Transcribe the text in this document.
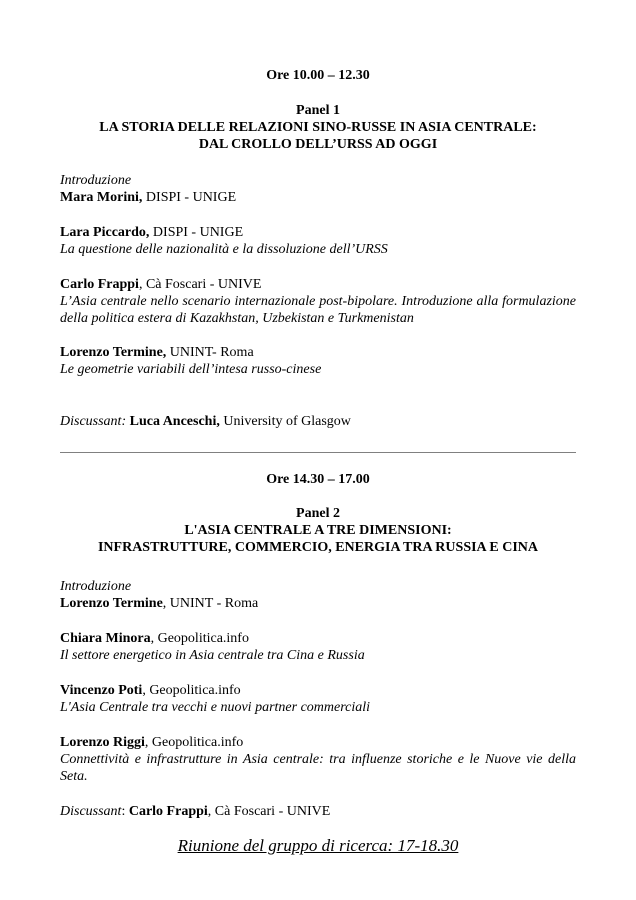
Ore 10.00 – 12.30
Panel 1
LA STORIA DELLE RELAZIONI SINO-RUSSE IN ASIA CENTRALE:
DAL CROLLO DELL’URSS AD OGGI
Introduzione
Mara Morini, DISPI - UNIGE
Lara Piccardo, DISPI - UNIGE
La questione delle nazionalità e la dissoluzione dell’URSS
Carlo Frappi, Cà Foscari - UNIVE
L’Asia centrale nello scenario internazionale post-bipolare. Introduzione alla formulazione della politica estera di Kazakhstan, Uzbekistan e Turkmenistan
Lorenzo Termine, UNINT- Roma
Le geometrie variabili dell’intesa russo-cinese
Discussant: Luca Anceschi, University of Glasgow
Ore 14.30 – 17.00
Panel 2
L'ASIA CENTRALE A TRE DIMENSIONI:
INFRASTRUTTURE, COMMERCIO, ENERGIA TRA RUSSIA E CINA
Introduzione
Lorenzo Termine, UNINT - Roma
Chiara Minora, Geopolitica.info
Il settore energetico in Asia centrale tra Cina e Russia
Vincenzo Poti, Geopolitica.info
L'Asia Centrale tra vecchi e nuovi partner commerciali
Lorenzo Riggi, Geopolitica.info
Connettività e infrastrutture in Asia centrale: tra influenze storiche e le Nuove vie della Seta.
Discussant: Carlo Frappi, Cà Foscari - UNIVE
Riunione del gruppo di ricerca: 17-18.30
